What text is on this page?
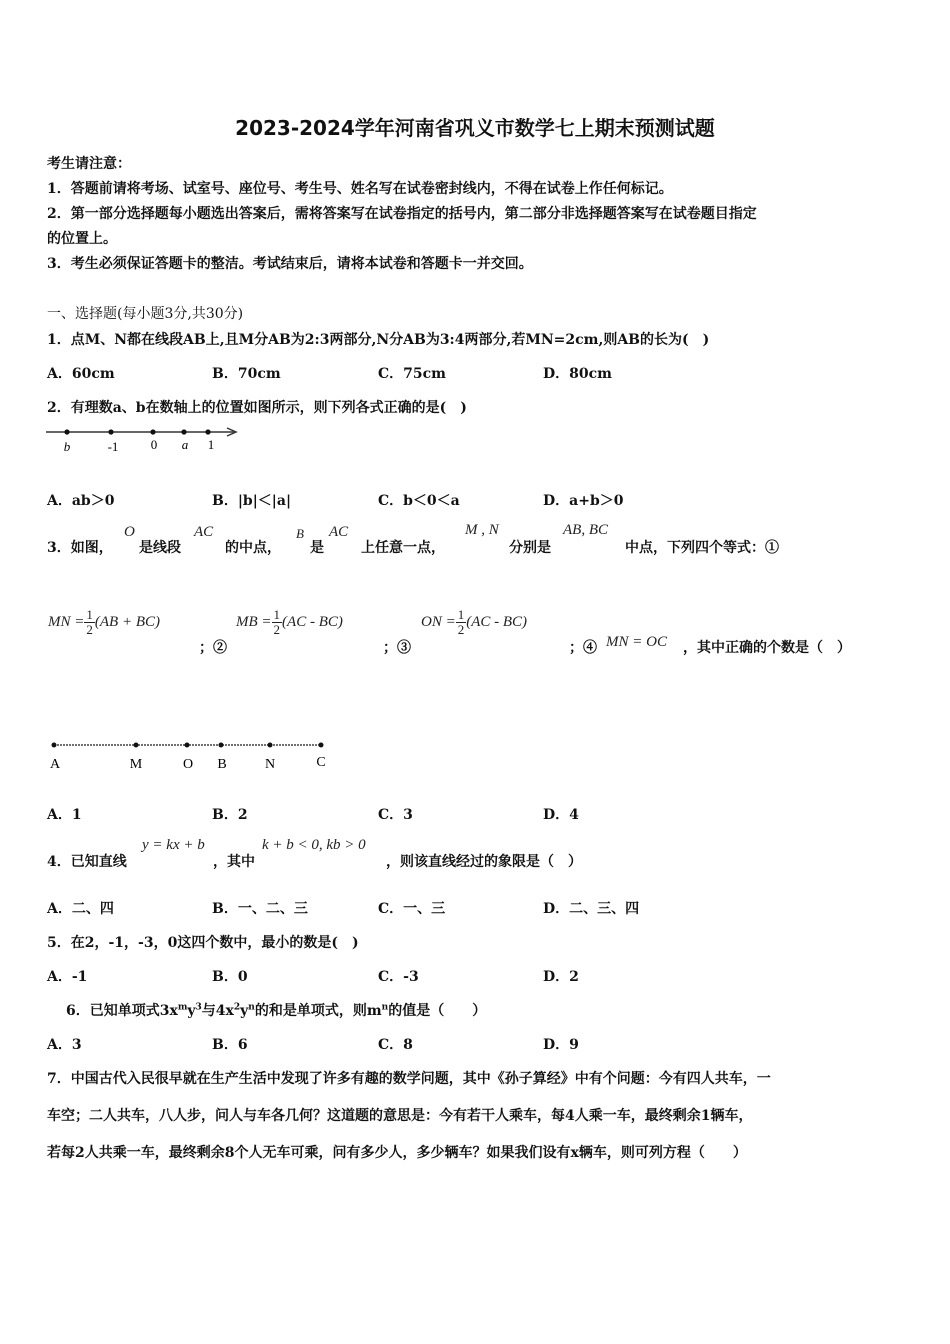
2023-2024学年河南省巩义市数学七上期末预测试题
考生请注意：
1．答题前请将考场、试室号、座位号、考生号、姓名写在试卷密封线内，不得在试卷上作任何标记。
2．第一部分选择题每小题选出答案后，需将答案写在试卷指定的括号内，第二部分非选择题答案写在试卷题目指定
的位置上。
3．考生必须保证答题卡的整洁。考试结束后，请将本试卷和答题卡一并交回。
一、选择题(每小题3分,共30分)
1．点M、N都在线段AB上,且M分AB为2:3两部分,N分AB为3:4两部分,若MN=2cm,则AB的长为(　)
A．60cm	B．70cm	C．75cm	D．80cm
2．有理数a、b在数轴上的位置如图所示，则下列各式正确的是(　)
b	-1 0 a 1
A．ab＞0	B．|b|＜|a|	C．b＜0＜a	D．a+b＞0
3．如图，
O
是线段
AC
的中点，
B
是
AC
上任意一点，
M , N
分别是
AB, BC
中点，下列四个等式：①
MN = $\frac{1}{2} (AB + BC)$
；②
MB = $\frac{1}{2} (AC - BC)$
；③
ON = $\frac{1}{2} (AC - BC)$
；④ MN = OC ，其中正确的个数是（　）
A	M	O B	N	C
A．1	B．2	C．3	D．4
4．已知直线
y = kx + b
，其中
k + b < 0, kb > 0
，则该直线经过的象限是（　）
A．二、四	B．一、二、三	C．一、三	D．二、三、四
5．在2，-1，-3，0这四个数中，最小的数是(　)
A．-1	B．0	C．-3	D．2
6．已知单项式$3x^my^3$与$4x^2y^n$的和是单项式，则$m^n$的值是（　　）
A．3	B．6	C．8	D．9
7．中国古代入民很早就在生产生活中发现了许多有趣的数学问题，其中《孙子算经》中有个问题：今有四人共车，一
车空；二人共车，八人步，问人与车各几何？这道题的意思是：今有若干人乘车，每4人乘一车，最终剩余1辆车，
若每2人共乘一车，最终剩余8个人无车可乘，问有多少人，多少辆车？如果我们设有x辆车，则可列方程（　　）
